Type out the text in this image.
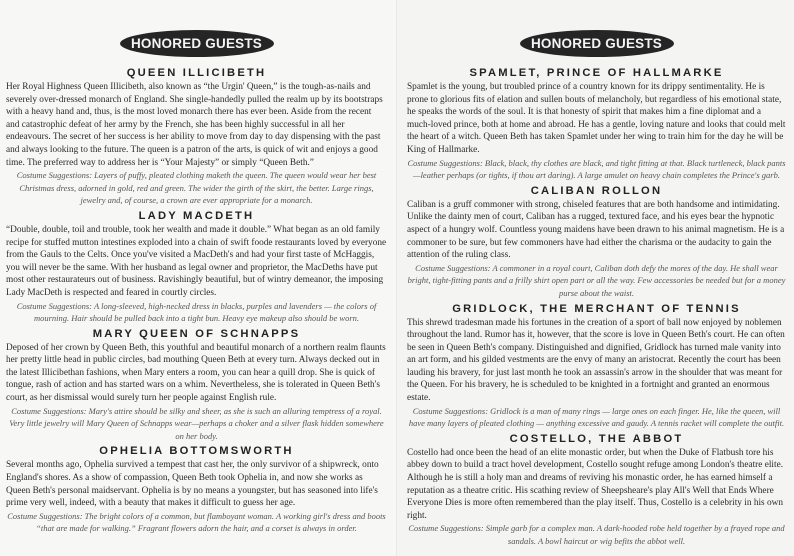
HONORED GUESTS
QUEEN ILLICIBETH

Her Royal Highness Queen Illicibeth, also known as “the Urgin' Queen,” is the tough-as-nails and severely over-dressed monarch of England. She single-handedly pulled the realm up by its bootstraps with a heavy hand and, thus, is the most loved monarch there has ever been. Aside from the recent and catastrophic defeat of her army by the French, she has been highly successful in all her endeavours. The secret of her success is her ability to move from day to day dispensing with the past and always looking to the future. The queen is a patron of the arts, is quick of wit and enjoys a good time. The preferred way to address her is “Your Majesty” or simply “Queen Beth.”

Costume Suggestions: Layers of puffy, pleated clothing maketh the queen. The queen would wear her best Christmas dress, adorned in gold, red and green. The wider the girth of the skirt, the better. Large rings, jewelry and, of course, a crown are ever appropriate for a monarch.

LADY MACDETH

“Double, double, toil and trouble, took her wealth and made it double.” What began as an old family recipe for stuffed mutton intestines exploded into a chain of swift foode restaurants loved by everyone from the Gauls to the Celts. Once you've visited a MacDeth's and had your first taste of McHaggis, you will never be the same. With her husband as legal owner and proprietor, the MacDeths have put most other restaurateurs out of business. Ravishingly beautiful, but of wintry demeanor, the imposing Lady MacDeth is respected and feared in courtly circles.

Costume Suggestions: A long-sleeved, high-necked dress in blacks, purples and lavenders — the colors of mourning. Hair should be pulled back into a tight bun. Heavy eye makeup also should be worn.

MARY QUEEN OF SCHNAPPS

Deposed of her crown by Queen Beth, this youthful and beautiful monarch of a northern realm flaunts her pretty little head in public circles, bad mouthing Queen Beth at every turn. Always decked out in the latest Illicibethan fashions, when Mary enters a room, you can hear a quill drop. She is quick of tongue, rash of action and has started wars on a whim. Nevertheless, she is tolerated in Queen Beth's court, as her dismissal would surely turn her people against English rule.

Costume Suggestions: Mary's attire should be silky and sheer, as she is such an alluring temptress of a royal. Very little jewelry will Mary Queen of Schnapps wear—perhaps a choker and a silver flask hidden somewhere on her body.

OPHELIA BOTTOMSWORTH

Several months ago, Ophelia survived a tempest that cast her, the only survivor of a shipwreck, onto England's shores. As a show of compassion, Queen Beth took Ophelia in, and now she works as Queen Beth's personal maidservant. Ophelia is by no means a youngster, but has seasoned into life's prime very well, indeed, with a beauty that makes it difficult to guess her age.

Costume Suggestions: The bright colors of a common, but flamboyant woman. A working girl's dress and boots “that are made for walking.” Fragrant flowers adorn the hair, and a corset is always in order.

HONORED GUESTS
SPAMLET, PRINCE OF HALLMARKE

Spamlet is the young, but troubled prince of a country known for its drippy sentimentality. He is prone to glorious fits of elation and sullen bouts of melancholy, but regardless of his emotional state, he speaks the words of the soul. It is that honesty of spirit that makes him a fine diplomat and a much-loved prince, both at home and abroad. He has a gentle, loving nature and looks that could melt the heart of a witch. Queen Beth has taken Spamlet under her wing to train him for the day he will be King of Hallmarke.

Costume Suggestions: Black, black, thy clothes are black, and tight fitting at that. Black turtleneck, black pants—leather perhaps (or tights, if thou art daring). A large amulet on heavy chain completes the Prince's garb.

CALIBAN ROLLON

Caliban is a gruff commoner with strong, chiseled features that are both handsome and intimidating. Unlike the dainty men of court, Caliban has a rugged, textured face, and his eyes bear the hypnotic aspect of a hungry wolf. Countless young maidens have been drawn to his animal magnetism. He is a commoner to be sure, but few commoners have had either the charisma or the audacity to gain the attention of the ruling class.

Costume Suggestions: A commoner in a royal court, Caliban doth defy the mores of the day. He shall wear bright, tight-fitting pants and a frilly shirt open part or all the way. Few accessories be needed but for a money purse about the waist.

GRIDLOCK, THE MERCHANT OF TENNIS

This shrewd tradesman made his fortunes in the creation of a sport of ball now enjoyed by noblemen throughout the land. Rumor has it, however, that the score is love in Queen Beth's court. He can often be seen in Queen Beth's company. Distinguished and dignified, Gridlock has turned male vanity into an art form, and his gilded vestments are the envy of many an aristocrat. Recently the court has been lauding his bravery, for just last month he took an assassin's arrow in the shoulder that was meant for the Queen. For his bravery, he is scheduled to be knighted in a fortnight and granted an enormous estate.

Costume Suggestions: Gridlock is a man of many rings — large ones on each finger. He, like the queen, will have many layers of pleated clothing — anything excessive and gaudy. A tennis racket will complete the outfit.

COSTELLO, THE ABBOT

Costello had once been the head of an elite monastic order, but when the Duke of Flatbush tore his abbey down to build a tract hovel development, Costello sought refuge among London's theatre elite. Although he is still a holy man and dreams of reviving his monastic order, he has earned himself a reputation as a theatre critic. His scathing review of Sheepsheare's play All's Well that Ends Where Everyone Dies is more often remembered than the play itself. Thus, Costello is a celebrity in his own right.

Costume Suggestions: Simple garb for a complex man. A dark-hooded robe held together by a frayed rope and sandals. A bowl haircut or wig befits the abbot well.
